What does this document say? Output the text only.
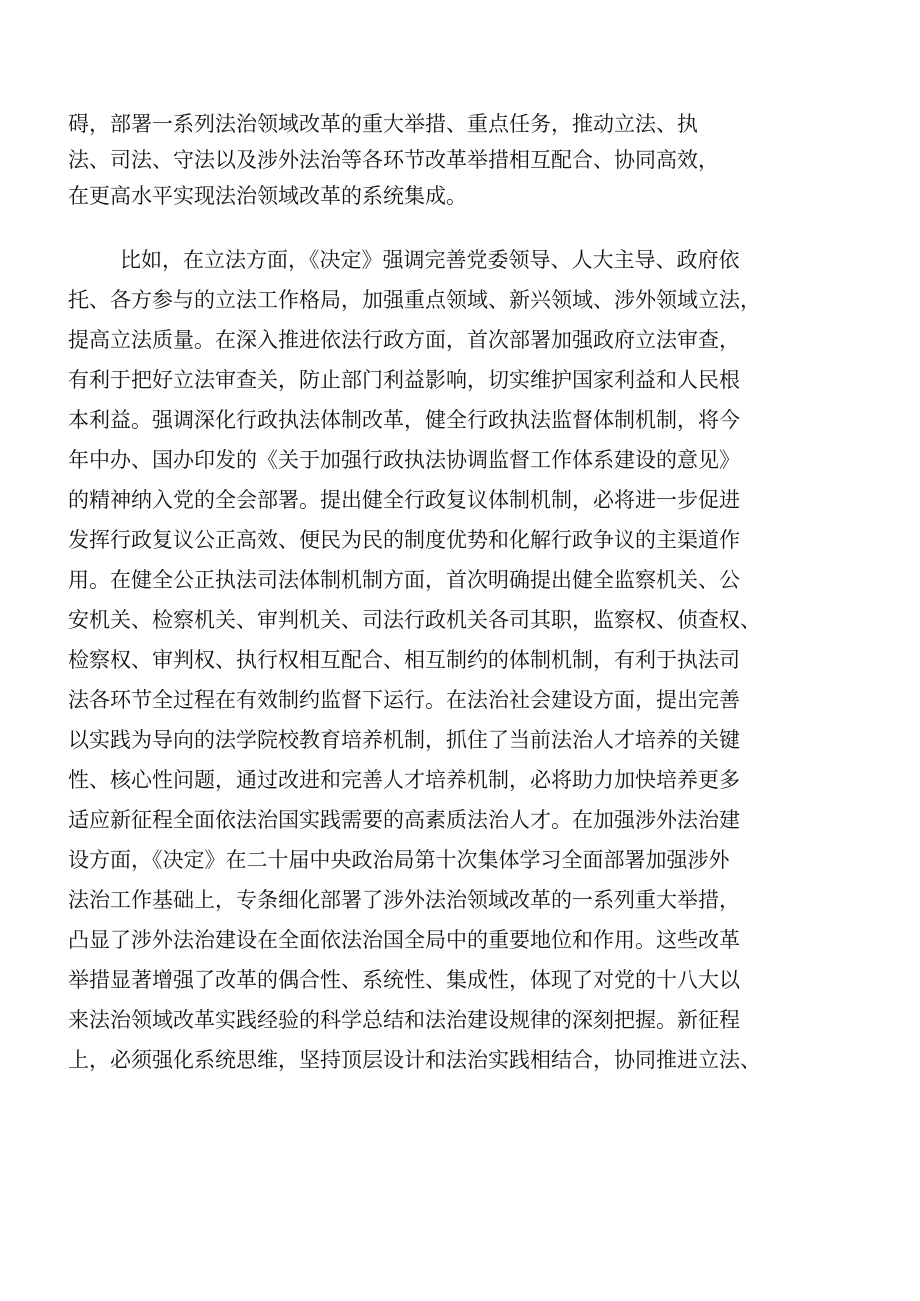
碍，部署一系列法治领域改革的重大举措、重点任务，推动立法、执
法、司法、守法以及涉外法治等各环节改革举措相互配合、协同高效，
在更高水平实现法治领域改革的系统集成。
比如，在立法方面，《决定》强调完善党委领导、人大主导、政府依
托、各方参与的立法工作格局，加强重点领域、新兴领域、涉外领域立法，
提高立法质量。在深入推进依法行政方面，首次部署加强政府立法审查，
有利于把好立法审查关，防止部门利益影响，切实维护国家利益和人民根
本利益。强调深化行政执法体制改革，健全行政执法监督体制机制，将今
年中办、国办印发的《关于加强行政执法协调监督工作体系建设的意见》
的精神纳入党的全会部署。提出健全行政复议体制机制，必将进一步促进
发挥行政复议公正高效、便民为民的制度优势和化解行政争议的主渠道作
用。在健全公正执法司法体制机制方面，首次明确提出健全监察机关、公
安机关、检察机关、审判机关、司法行政机关各司其职，监察权、侦查权、
检察权、审判权、执行权相互配合、相互制约的体制机制，有利于执法司
法各环节全过程在有效制约监督下运行。在法治社会建设方面，提出完善
以实践为导向的法学院校教育培养机制，抓住了当前法治人才培养的关键
性、核心性问题，通过改进和完善人才培养机制，必将助力加快培养更多
适应新征程全面依法治国实践需要的高素质法治人才。在加强涉外法治建
设方面，《决定》在二十届中央政治局第十次集体学习全面部署加强涉外
法治工作基础上，专条细化部署了涉外法治领域改革的一系列重大举措，
凸显了涉外法治建设在全面依法治国全局中的重要地位和作用。这些改革
举措显著增强了改革的偶合性、系统性、集成性，体现了对党的十八大以
来法治领域改革实践经验的科学总结和法治建设规律的深刻把握。新征程
上，必须强化系统思维，坚持顶层设计和法治实践相结合，协同推进立法、
